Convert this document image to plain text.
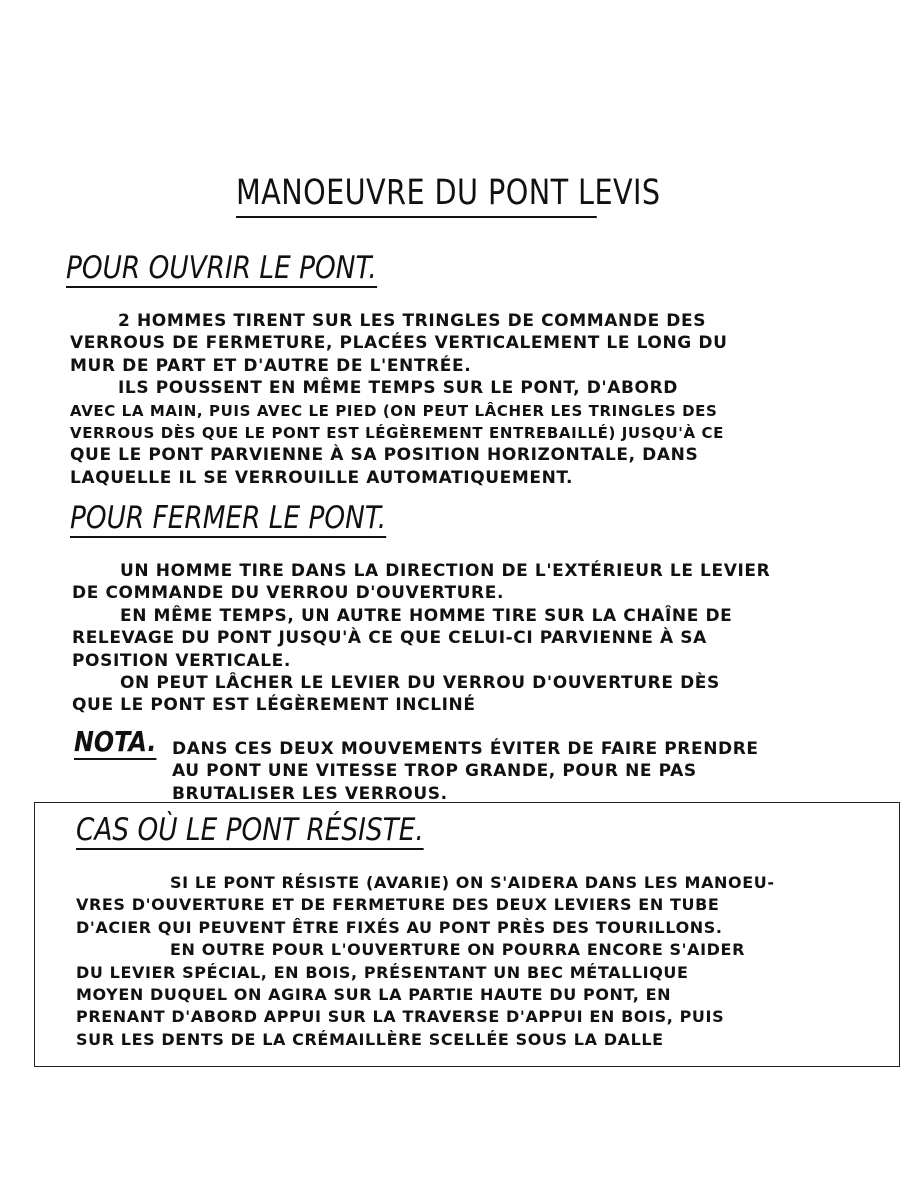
MANOEUVRE DU PONT LEVIS
POUR OUVRIR LE PONT.
2 HOMMES TIRENT SUR LES TRINGLES DE COMMANDE DES
VERROUS DE FERMETURE, PLACÉES VERTICALEMENT LE LONG DU
MUR DE PART ET D'AUTRE DE L'ENTRÉE.
ILS POUSSENT EN MÊME TEMPS SUR LE PONT, D'ABORD
AVEC LA MAIN, PUIS AVEC LE PIED (ON PEUT LÂCHER LES TRINGLES DES
VERROUS DÈS QUE LE PONT EST LÉGÈREMENT ENTREBAILLÉ) JUSQU'À CE
QUE LE PONT PARVIENNE À SA POSITION HORIZONTALE, DANS
LAQUELLE IL SE VERROUILLE AUTOMATIQUEMENT.
POUR FERMER LE PONT.
UN HOMME TIRE DANS LA DIRECTION DE L'EXTÉRIEUR LE LEVIER
DE COMMANDE DU VERROU D'OUVERTURE.
EN MÊME TEMPS, UN AUTRE HOMME TIRE SUR LA CHAÎNE DE
RELEVAGE DU PONT JUSQU'À CE QUE CELUI-CI PARVIENNE À SA
POSITION VERTICALE.
ON PEUT LÂCHER LE LEVIER DU VERROU D'OUVERTURE DÈS
QUE LE PONT EST LÉGÈREMENT INCLINÉ
NOTA. DANS CES DEUX MOUVEMENTS ÉVITER DE FAIRE PRENDRE
AU PONT UNE VITESSE TROP GRANDE, POUR NE PAS
BRUTALISER LES VERROUS.
CAS OÙ LE PONT RÉSISTE.
SI LE PONT RÉSISTE (AVARIE) ON S'AIDERA DANS LES MANOEU-
VRES D'OUVERTURE ET DE FERMETURE DES DEUX LEVIERS EN TUBE
D'ACIER QUI PEUVENT ÊTRE FIXÉS AU PONT PRÈS DES TOURILLONS.
EN OUTRE POUR L'OUVERTURE ON POURRA ENCORE S'AIDER
DU LEVIER SPÉCIAL, EN BOIS, PRÉSENTANT UN BEC MÉTALLIQUE
MOYEN DUQUEL ON AGIRA SUR LA PARTIE HAUTE DU PONT, EN
PRENANT D'ABORD APPUI SUR LA TRAVERSE D'APPUI EN BOIS, PUIS
SUR LES DENTS DE LA CRÉMAILLÈRE SCELLÉE SOUS LA DALLE
